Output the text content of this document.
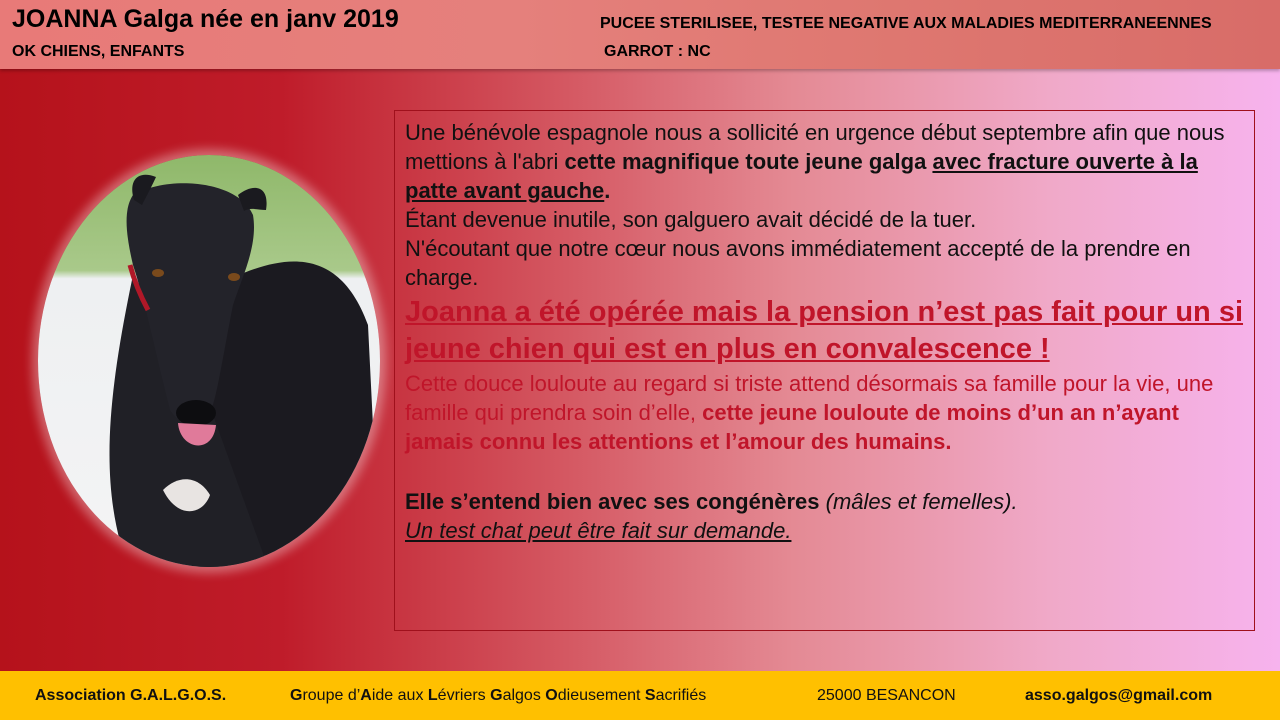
JOANNA Galga née en janv 2019
OK CHIENS, ENFANTS
PUCEE STERILISEE, TESTEE NEGATIVE AUX MALADIES MEDITERRANEENNES
GARROT : NC
Une bénévole espagnole nous a sollicité en urgence début septembre afin que nous mettions à l'abri cette magnifique toute jeune galga avec fracture ouverte à la patte avant gauche.
Étant devenue inutile, son galguero avait décidé de la tuer.
N'écoutant que notre cœur nous avons immédiatement accepté de la prendre en charge.
Joanna a été opérée mais la pension n’est pas fait pour un si jeune chien qui est en plus en convalescence !
Cette douce louloute au regard si triste attend désormais sa famille pour la vie, une famille qui prendra soin d’elle, cette jeune louloute de moins d’un an n’ayant jamais connu les attentions et l’amour des humains.
Elle s’entend bien avec ses congénères (mâles et femelles).
Un test chat peut être fait sur demande.
Association G.A.L.G.O.S.	Groupe d’Aide aux Lévriers Galgos Odieusement Sacrifiés	25000 BESANCON	asso.galgos@gmail.com
